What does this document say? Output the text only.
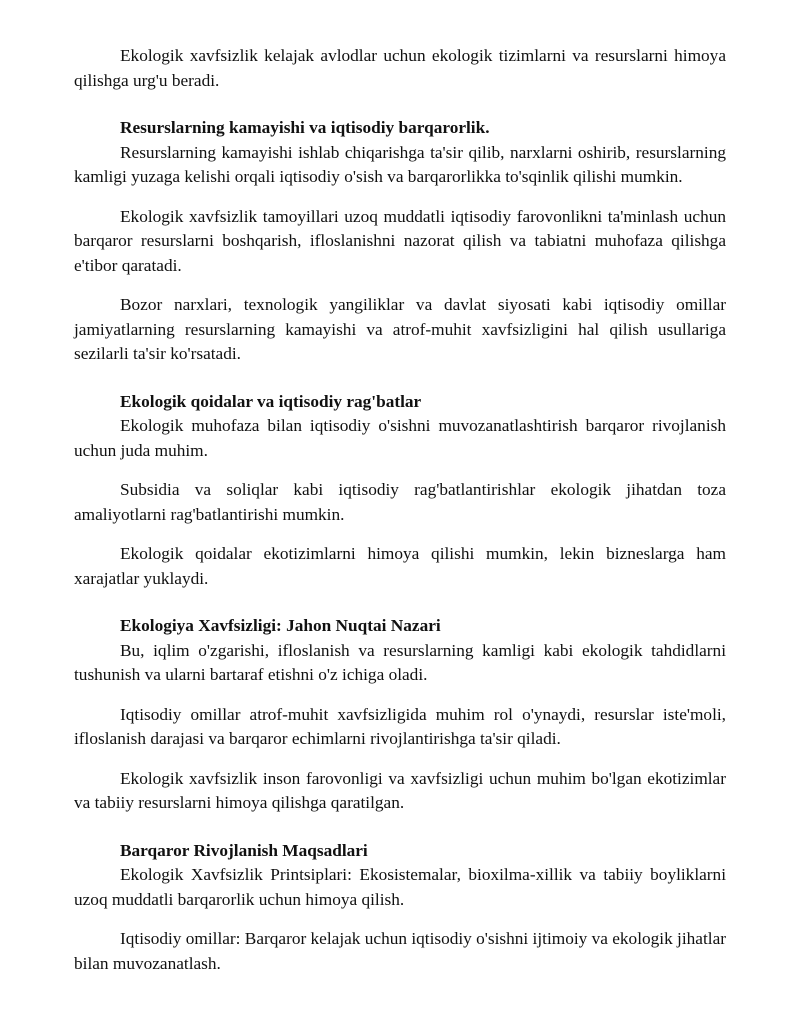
Ekologik xavfsizlik kelajak avlodlar uchun ekologik tizimlarni va resurslarni himoya qilishga urg'u beradi.

Resurslarning kamayishi va iqtisodiy barqarorlik.

Resurslarning kamayishi ishlab chiqarishga ta'sir qilib, narxlarni oshirib, resurslarning kamligi yuzaga kelishi orqali iqtisodiy o'sish va barqarorlikka to'sqinlik qilishi mumkin.

Ekologik xavfsizlik tamoyillari uzoq muddatli iqtisodiy farovonlikni ta'minlash uchun barqaror resurslarni boshqarish, ifloslanishni nazorat qilish va tabiatni muhofaza qilishga e'tibor qaratadi.

Bozor narxlari, texnologik yangiliklar va davlat siyosati kabi iqtisodiy omillar jamiyatlarning resurslarning kamayishi va atrof-muhit xavfsizligini hal qilish usullariga sezilarli ta'sir ko'rsatadi.

Ekologik qoidalar va iqtisodiy rag'batlar

Ekologik muhofaza bilan iqtisodiy o'sishni muvozanatlashtirish barqaror rivojlanish uchun juda muhim.

Subsidia va soliqlar kabi iqtisodiy rag'batlantirishlar ekologik jihatdan toza amaliyotlarni rag'batlantirishi mumkin.

Ekologik qoidalar ekotizimlarni himoya qilishi mumkin, lekin bizneslarga ham xarajatlar yuklaydi.

Ekologiya Xavfsizligi: Jahon Nuqtai Nazari

Bu, iqlim o'zgarishi, ifloslanish va resurslarning kamligi kabi ekologik tahdidlarni tushunish va ularni bartaraf etishni o'z ichiga oladi.

Iqtisodiy omillar atrof-muhit xavfsizligida muhim rol o'ynaydi, resurslar iste'moli, ifloslanish darajasi va barqaror echimlarni rivojlantirishga ta'sir qiladi.

Ekologik xavfsizlik inson farovonligi va xavfsizligi uchun muhim bo'lgan ekotizimlar va tabiiy resurslarni himoya qilishga qaratilgan.

Barqaror Rivojlanish Maqsadlari

Ekologik Xavfsizlik Printsiplari: Ekosistemalar, bioxilma-xillik va tabiiy boyliklarni uzoq muddatli barqarorlik uchun himoya qilish.

Iqtisodiy omillar: Barqaror kelajak uchun iqtisodiy o'sishni ijtimoiy va ekologik jihatlar bilan muvozanatlash.
